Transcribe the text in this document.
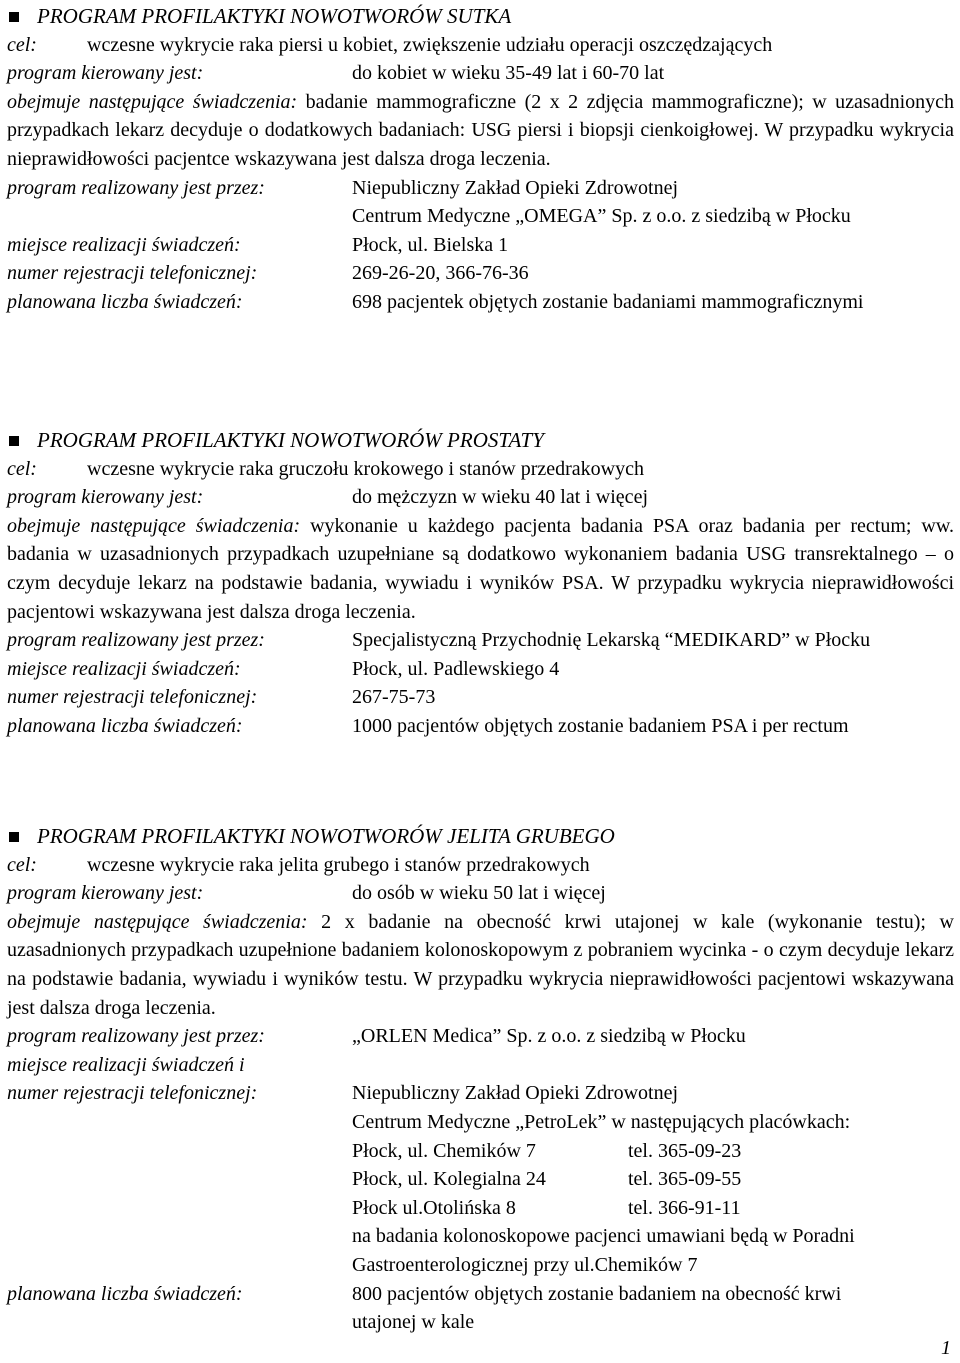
PROGRAM PROFILAKTYKI NOWOTWORÓW SUTKA
cel:	wczesne wykrycie raka piersi u kobiet, zwiększenie udziału operacji oszczędzających
program kierowany jest:	do kobiet w wieku 35-49 lat i 60-70 lat
obejmuje następujące świadczenia: badanie mammograficzne (2 x 2 zdjęcia mammograficzne); w uzasadnionych przypadkach lekarz decyduje o dodatkowych badaniach: USG piersi i biopsji cienkoigłowej. W przypadku wykrycia nieprawidłowości pacjentce wskazywana jest dalsza droga leczenia.
program realizowany jest przez:	Niepubliczny Zakład Opieki Zdrowotnej
Centrum Medyczne „OMEGA” Sp. z o.o. z siedzibą w Płocku
miejsce realizacji świadczeń:	Płock, ul. Bielska 1
numer rejestracji telefonicznej:	269-26-20, 366-76-36
planowana liczba świadczeń:	698 pacjentek objętych zostanie badaniami mammograficznymi
PROGRAM PROFILAKTYKI NOWOTWORÓW PROSTATY
cel:	wczesne wykrycie raka gruczołu krokowego i stanów przedrakowych
program kierowany jest:	do mężczyzn w wieku 40 lat i więcej
obejmuje następujące świadczenia: wykonanie u każdego pacjenta badania PSA oraz badania per rectum; ww. badania w uzasadnionych przypadkach uzupełniane są dodatkowo wykonaniem badania USG transrektalnego – o czym decyduje lekarz na podstawie badania, wywiadu i wyników PSA. W przypadku wykrycia nieprawidłowości pacjentowi wskazywana jest dalsza droga leczenia.
program realizowany jest przez:	Specjalistyczną Przychodnię Lekarską “MEDIKARD” w Płocku
miejsce realizacji świadczeń:	Płock, ul. Padlewskiego 4
numer rejestracji telefonicznej:	267-75-73
planowana liczba świadczeń:	1000 pacjentów objętych zostanie badaniem PSA i per rectum
PROGRAM PROFILAKTYKI NOWOTWORÓW JELITA GRUBEGO
cel:	wczesne wykrycie raka jelita grubego i stanów przedrakowych
program kierowany jest:	do osób w wieku 50 lat i więcej
obejmuje następujące świadczenia: 2 x badanie na obecność krwi utajonej w kale (wykonanie testu); w uzasadnionych przypadkach uzupełnione badaniem kolonoskopowym z pobraniem wycinka - o czym decyduje lekarz na podstawie badania, wywiadu i wyników testu. W przypadku wykrycia nieprawidłowości pacjentowi wskazywana jest dalsza droga leczenia.
program realizowany jest przez:	„ORLEN Medica” Sp. z o.o. z siedzibą w Płocku
miejsce realizacji świadczeń i
numer rejestracji telefonicznej:	Niepubliczny Zakład Opieki Zdrowotnej
Centrum Medyczne „PetroLek” w następujących placówkach:
Płock, ul. Chemików 7	tel. 365-09-23
Płock, ul. Kolegialna 24	tel. 365-09-55
Płock ul.Otolińska 8	tel. 366-91-11
na badania kolonoskopowe pacjenci umawiani będą w Poradni
Gastroenterologicznej przy ul.Chemików 7
planowana liczba świadczeń:	800 pacjentów objętych zostanie badaniem na obecność krwi
utajonej w kale
1
